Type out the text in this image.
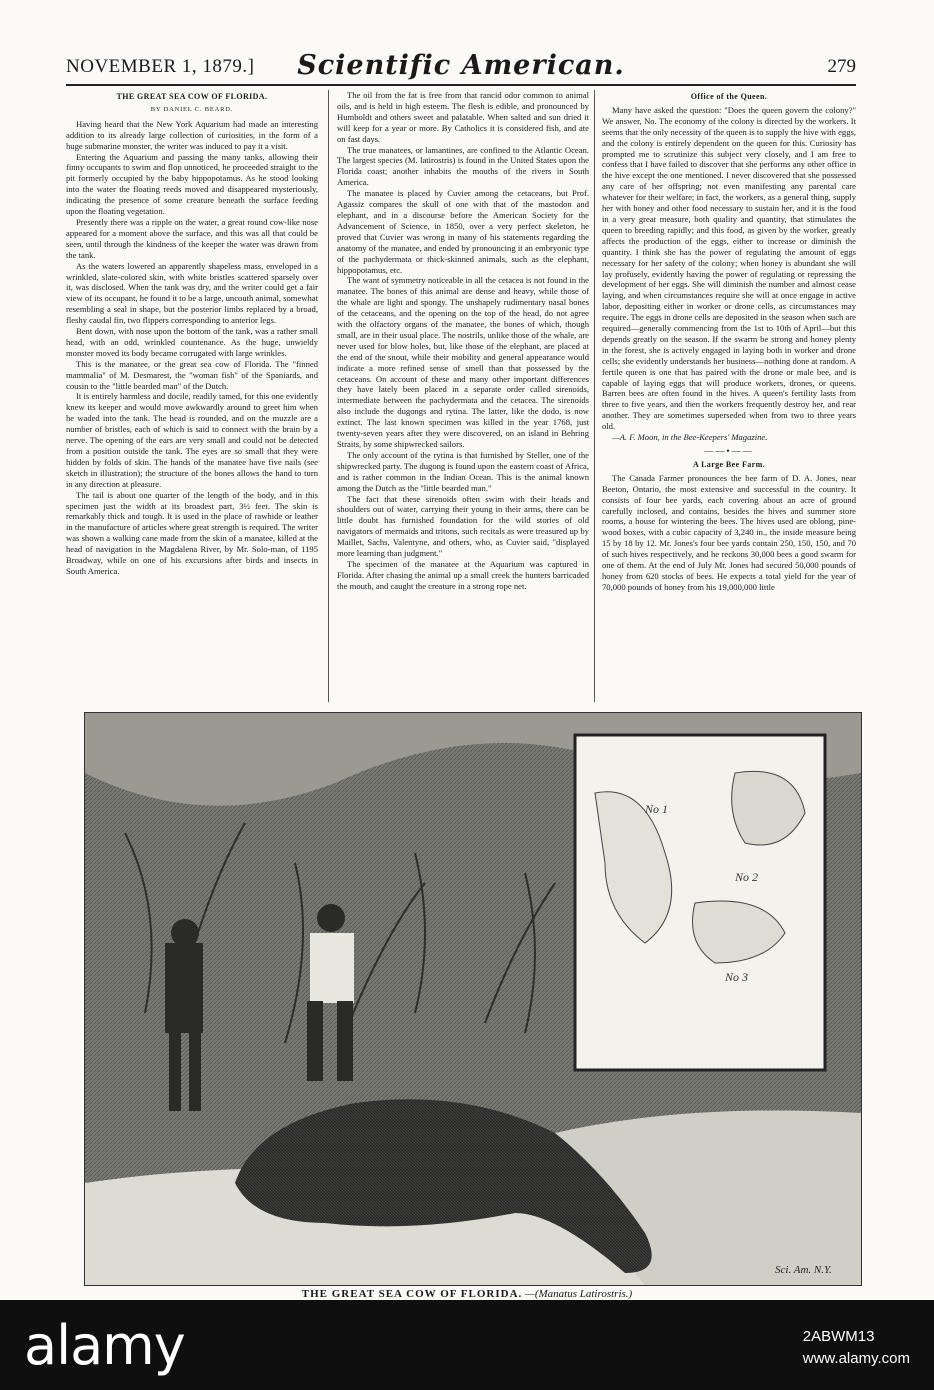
NOVEMBER 1, 1879.]	Scientific American.	279
THE GREAT SEA COW OF FLORIDA.
BY DANIEL C. BEARD.

Having heard that the New York Aquarium had made an interesting addition to its already large collection of curiosities, in the form of a huge submarine monster, the writer was induced to pay it a visit.

Entering the Aquarium and passing the many tanks, allowing their finny occupants to swim and flop unnoticed, he proceeded straight to the pit formerly occupied by the baby hippopotamus. As he stood looking into the water the floating reeds moved and disappeared mysteriously, indicating the presence of some creature beneath the surface feeding upon the floating vegetation.

Presently there was a ripple on the water, a great round cow-like nose appeared for a moment above the surface, and this was all that could be seen, until through the kindness of the keeper the water was drawn from the tank.

As the waters lowered an apparently shapeless mass, enveloped in a wrinkled, slate-colored skin, with white bristles scattered sparsely over it, was disclosed. When the tank was dry, and the writer could get a fair view of its occupant, he found it to be a large, uncouth animal, somewhat resembling a seal in shape, but the posterior limbs replaced by a broad, fleshy caudal fin, two flippers corresponding to anterior legs.

Bent down, with nose upon the bottom of the tank, was a rather small head, with an odd, wrinkled countenance. As the huge, unwieldy monster moved its body became corrugated with large wrinkles.

This is the manatee, or the great sea cow of Florida. The "finned mammalia" of M. Desmarest, the "woman fish" of the Spaniards, and cousin to the "little bearded man" of the Dutch.

It is entirely harmless and docile, readily tamed, for this one evidently knew its keeper and would move awkwardly around to greet him when he waded into the tank. The head is rounded, and on the muzzle are a number of bristles, each of which is said to connect with the brain by a nerve. The opening of the ears are very small and could not be detected from a position outside the tank. The eyes are so small that they were hidden by folds of skin. The hands of the manatee have five nails (see sketch in illustration); the structure of the bones allows the hand to turn in any direction at pleasure.

The tail is about one quarter of the length of the body, and in this specimen just the width at its broadest part, 3½ feet. The skin is remarkably thick and tough. It is used in the place of rawhide or leather in the manufacture of articles where great strength is required. The writer was shown a walking cane made from the skin of a manatee, killed at the head of navigation in the Magdalena River, by Mr. Solo-man, of 1195 Broadway, while on one of his excursions after birds and insects in South America.

The oil from the fat is free from that rancid odor common to animal oils, and is held in high esteem. The flesh is edible, and pronounced by Humboldt and others sweet and palatable. When salted and sun dried it will keep for a year or more. By Catholics it is considered fish, and ate on fast days.

The true manatees, or lamantines, are confined to the Atlantic Ocean. The largest species (M. latirostris) is found in the United States upon the Florida coast; another inhabits the mouths of the rivers in South America.

The manatee is placed by Cuvier among the cetaceans, but Prof. Agassiz compares the skull of one with that of the mastodon and elephant, and in a discourse before the American Society for the Advancement of Science, in 1850, over a very perfect skeleton, he proved that Cuvier was wrong in many of his statements regarding the anatomy of the manatee, and ended by pronouncing it an embryonic type of the pachydermata or thick-skinned animals, such as the elephant, hippopotamus, etc.

The want of symmetry noticeable in all the cetacea is not found in the manatee. The bones of this animal are dense and heavy, while those of the whale are light and spongy. The unshapely rudimentary nasal bones of the cetaceans, and the opening on the top of the head, do not agree with the olfactory organs of the manatee, the bones of which, though small, are in their usual place. The nostrils, unlike those of the whale, are never used for blow holes, but, like those of the elephant, are placed at the end of the snout, while their mobility and general appearance would indicate a more refined sense of smell than that possessed by the cetaceans. On account of these and many other important differences they have lately been placed in a separate order called sirenoids, intermediate between the pachydermata and the cetacea. The sirenoids also include the dugongs and rytina. The latter, like the dodo, is now extinct. The last known specimen was killed in the year 1768, just twenty-seven years after they were discovered, on an island in Behring Straits, by some shipwrecked sailors.

The only account of the rytina is that furnished by Steller, one of the shipwrecked party. The dugong is found upon the eastern coast of Africa, and is rather common in the Indian Ocean. This is the animal known among the Dutch as the "little bearded man."

The fact that these sirenoids often swim with their heads and shoulders out of water, carrying their young in their arms, there can be little doubt has furnished foundation for the wild stories of old navigators of mermaids and tritons, such recitals as were treasured up by Maillet, Sachs, Valentyne, and others, who, as Cuvier said, "displayed more learning than judgment."

The specimen of the manatee at the Aquarium was captured in Florida. After chasing the animal up a small creek the hunters barricaded the mouth, and caught the creature in a strong rope net.

Office of the Queen.

Many have asked the question: "Does the queen govern the colony?" We answer, No. The economy of the colony is directed by the workers. It seems that the only necessity of the queen is to supply the hive with eggs, and the colony is entirely dependent on the queen for this. Curiosity has prompted me to scrutinize this subject very closely, and I am free to confess that I have failed to discover that she performs any other office in the hive except the one mentioned. I never discovered that she possessed any care of her offspring; not even manifesting any parental care whatever for their welfare; in fact, the workers, as a general thing, supply her with honey and other food necessary to sustain her, and it is the food in a very great measure, both quality and quantity, that stimulates the queen to breeding rapidly; and this food, as given by the worker, greatly affects the production of the eggs, either to increase or diminish the quantity. I think she has the power of regulating the amount of eggs necessary for her safety of the colony; when honey is abundant she will lay profusely, evidently having the power of regulating or repressing the development of her eggs. She will diminish the number and almost cease laying, and when circumstances require she will at once engage in active labor, depositing either in worker or drone cells, as circumstances may require. The eggs in drone cells are deposited in the season when such are required—generally commencing from the 1st to 10th of April—but this depends greatly on the season. If the swarm be strong and honey plenty in the forest, she is actively engaged in laying both in worker and drone cells; she evidently understands her business—nothing done at random. A fertile queen is one that has paired with the drone or male bee, and is capable of laying eggs that will produce workers, drones, or queens. Barren bees are often found in the hives. A queen's fertility lasts from three to five years, and then the workers frequently destroy her, and rear another. They are sometimes superseded when from two to three years old.

—A. F. Moon, in the Bee-Keepers' Magazine.

——•——
A Large Bee Farm.

The Canada Farmer pronounces the bee farm of D. A. Jones, near Beeton, Ontario, the most extensive and successful in the country. It consists of four bee yards, each covering about an acre of ground carefully inclosed, and contains, besides the hives and summer store rooms, a house for wintering the bees. The hives used are oblong, pine-wood boxes, with a cubic capacity of 3,240 in., the inside measure being 15 by 18 by 12. Mr. Jones's four bee yards contain 250, 150, 150, and 70 of such hives respectively, and he reckons 30,000 bees a good swarm for one of them. At the end of July Mr. Jones had secured 50,000 pounds of honey from 620 stocks of bees. He expects a total yield for the year of 70,000 pounds of honey from his 19,000,000 little

No 1
No 2
No 3
Sci. Am. N.Y.
THE GREAT SEA COW OF FLORIDA. —(Manatus Latirostris.)
alamy	2ABWM13
www.alamy.com
